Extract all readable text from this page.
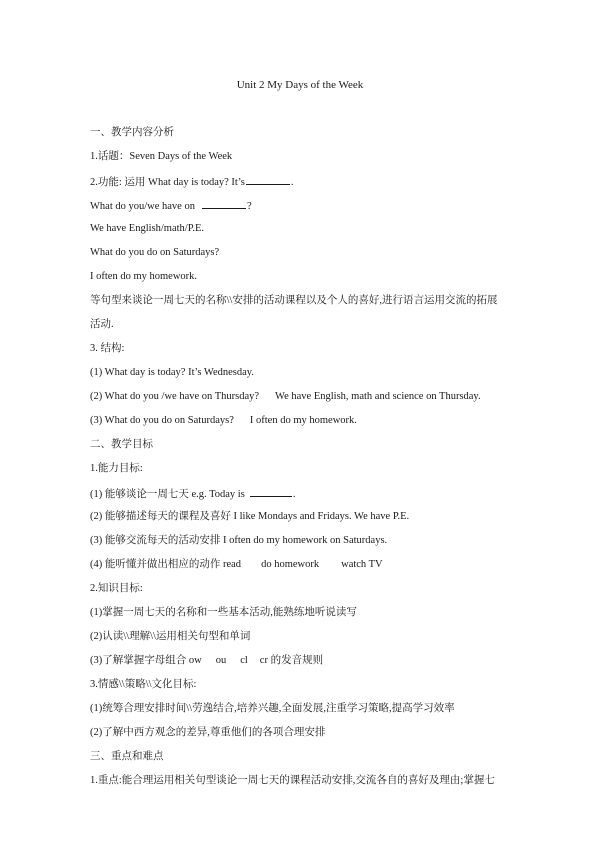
Unit 2 My Days of the Week
一、教学内容分析
1.话题：Seven Days of the Week
2.功能: 运用 What day is today? It’s	.
What do you/we have on	?
We have English/math/P.E.
What do you do on Saturdays?
I often do my homework.
等句型来谈论一周七天的名称\\安排的活动课程以及个人的喜好,进行语言运用交流的拓展
活动.
3. 结构:
(1) What day is today? It’s Wednesday.
(2) What do you /we have on Thursday? We have English, math and science on Thursday.
(3) What do you do on Saturdays? I often do my homework.
二、教学目标
1.能力目标:
(1) 能够谈论一周七天 e.g. Today is	.
(2) 能够描述每天的课程及喜好 I like Mondays and Fridays. We have P.E.
(3) 能够交流每天的活动安排 I often do my homework on Saturdays.
(4) 能听懂并做出相应的动作 read do homework watch TV
2.知识目标:
(1)掌握一周七天的名称和一些基本活动,能熟练地听说读写
(2)认读\\理解\\运用相关句型和单词
(3)了解掌握字母组合 ow ou cl cr 的发音规则
3.情感\\策略\\文化目标:
(1)统筹合理安排时间\\劳逸结合,培养兴趣,全面发展,注重学习策略,提高学习效率
(2)了解中西方观念的差异,尊重他们的各项合理安排
三、重点和难点
1.重点:能合理运用相关句型谈论一周七天的课程活动安排,交流各自的喜好及理由;掌握七
